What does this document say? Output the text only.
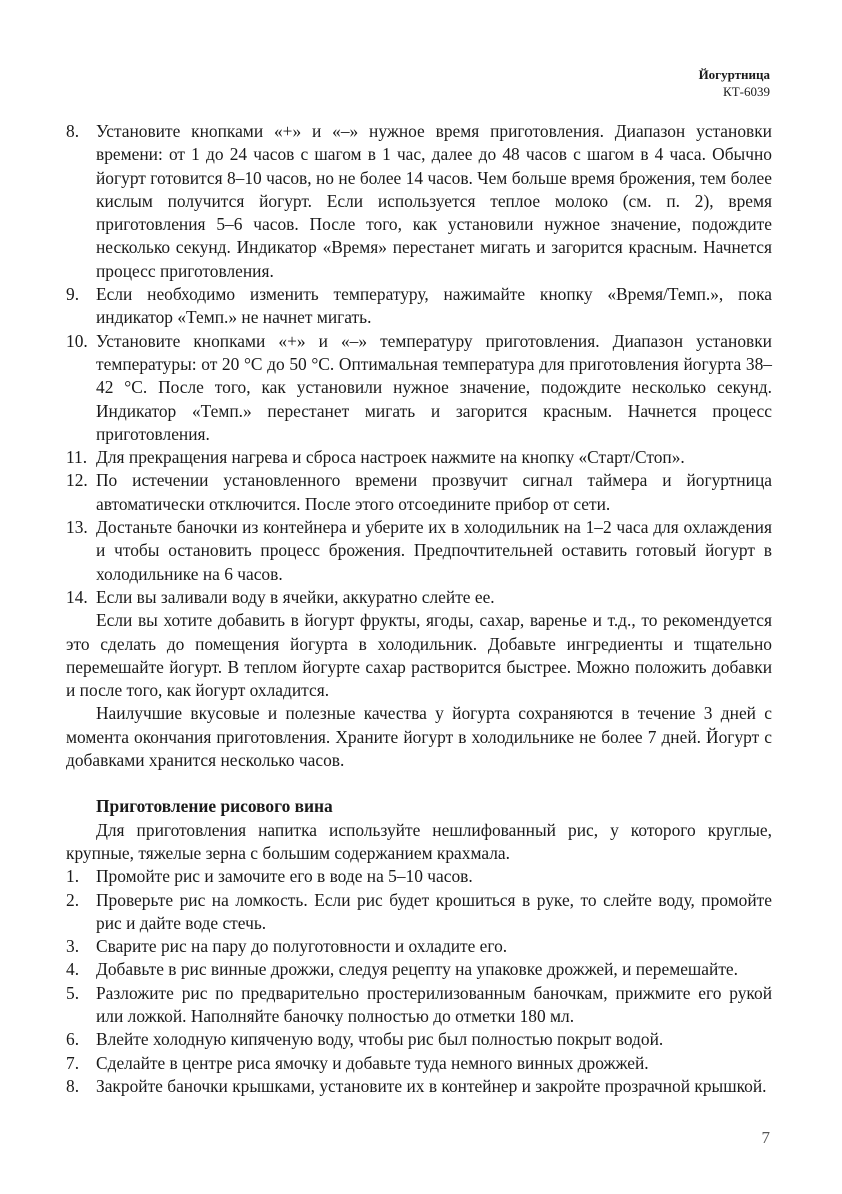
Йогуртница
КТ-6039
8. Установите кнопками «+» и «–» нужное время приготовления. Диапазон установки времени: от 1 до 24 часов с шагом в 1 час, далее до 48 часов с шагом в 4 часа. Обычно йогурт готовится 8–10 часов, но не более 14 часов. Чем больше время брожения, тем более кислым получится йогурт. Если используется теплое молоко (см. п. 2), время приготовления 5–6 часов. После того, как установили нужное значение, подождите несколько секунд. Индикатор «Время» перестанет мигать и загорится красным. Начнется процесс приготовления.
9. Если необходимо изменить температуру, нажимайте кнопку «Время/Темп.», пока индикатор «Темп.» не начнет мигать.
10. Установите кнопками «+» и «–» температуру приготовления. Диапазон установки температуры: от 20 °С до 50 °С. Оптимальная температура для приготовления йогурта 38–42 °С. После того, как установили нужное значение, подождите несколько секунд. Индикатор «Темп.» перестанет мигать и загорится красным. Начнется процесс приготовления.
11. Для прекращения нагрева и сброса настроек нажмите на кнопку «Старт/Стоп».
12. По истечении установленного времени прозвучит сигнал таймера и йогуртница автоматически отключится. После этого отсоедините прибор от сети.
13. Достаньте баночки из контейнера и уберите их в холодильник на 1–2 часа для охлаждения и чтобы остановить процесс брожения. Предпочтительней оставить готовый йогурт в холодильнике на 6 часов.
14. Если вы заливали воду в ячейки, аккуратно слейте ее.

Если вы хотите добавить в йогурт фрукты, ягоды, сахар, варенье и т.д., то рекомендуется это сделать до помещения йогурта в холодильник. Добавьте ингредиенты и тщательно перемешайте йогурт. В теплом йогурте сахар растворится быстрее. Можно положить добавки и после того, как йогурт охладится.

Наилучшие вкусовые и полезные качества у йогурта сохраняются в течение 3 дней с момента окончания приготовления. Храните йогурт в холодильнике не более 7 дней. Йогурт с добавками хранится несколько часов.

Приготовление рисового вина

Для приготовления напитка используйте нешлифованный рис, у которого круглые, крупные, тяжелые зерна с большим содержанием крахмала.

1. Промойте рис и замочите его в воде на 5–10 часов.
2. Проверьте рис на ломкость. Если рис будет крошиться в руке, то слейте воду, промойте рис и дайте воде стечь.
3. Сварите рис на пару до полуготовности и охладите его.
4. Добавьте в рис винные дрожжи, следуя рецепту на упаковке дрожжей, и перемешайте.
5. Разложите рис по предварительно простерилизованным баночкам, прижмите его рукой или ложкой. Наполняйте баночку полностью до отметки 180 мл.
6. Влейте холодную кипяченую воду, чтобы рис был полностью покрыт водой.
7. Сделайте в центре риса ямочку и добавьте туда немного винных дрожжей.
8. Закройте баночки крышками, установите их в контейнер и закройте прозрачной крышкой.
7
